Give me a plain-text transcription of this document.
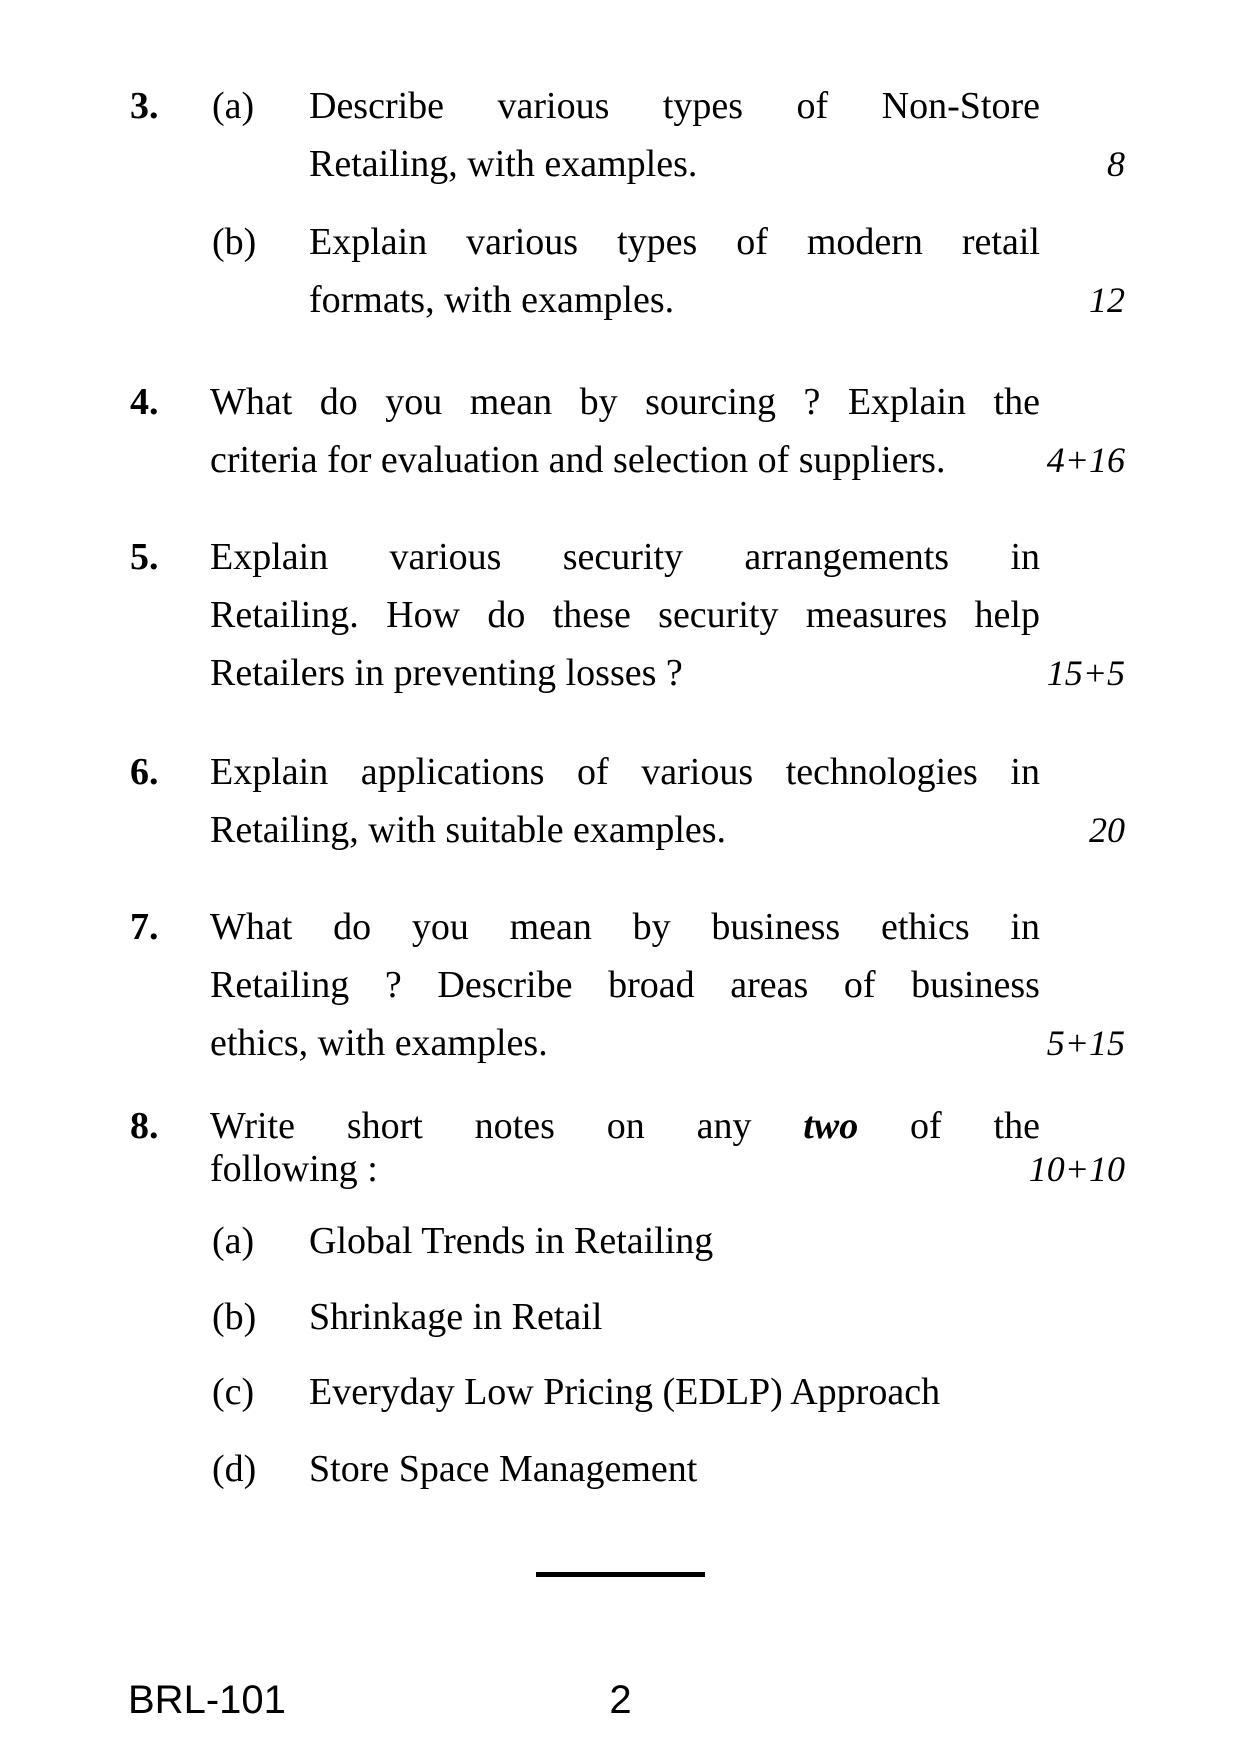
3. (a) Describe various types of Non-Store
Retailing, with examples.	8
(b) Explain various types of modern retail
formats, with examples.	12
4. What do you mean by sourcing ? Explain the
criteria for evaluation and selection of suppliers.	4+16
5. Explain various security arrangements in
Retailing. How do these security measures help
Retailers in preventing losses ?	15+5
6. Explain applications of various technologies in
Retailing, with suitable examples.	20
7. What do you mean by business ethics in
Retailing ? Describe broad areas of business
ethics, with examples.	5+15
8. Write short notes on any two of the
following :	10+10
(a)	Global Trends in Retailing
(b)	Shrinkage in Retail
(c)	Everyday Low Pricing (EDLP) Approach
(d)	Store Space Management
BRL-101	2
